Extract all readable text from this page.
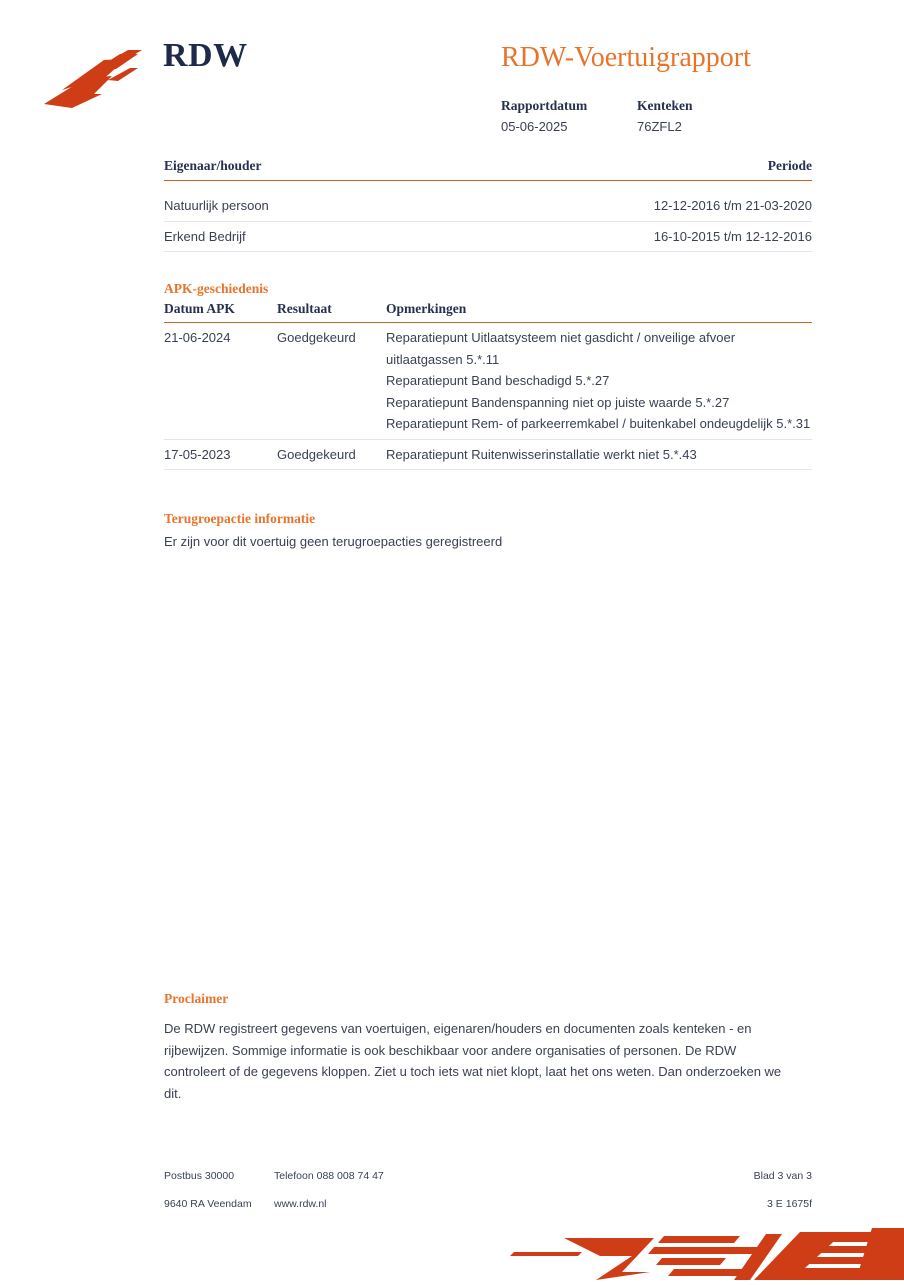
RDW	RDW-Voertuigrapport
Rapportdatum
05-06-2025
Kenteken
76ZFL2
Eigenaar/houder	Periode
Natuurlijk persoon	12-12-2016 t/m 21-03-2020
Erkend Bedrijf	16-10-2015 t/m 12-12-2016
APK-geschiedenis
Datum APK	Resultaat	Opmerkingen
21-06-2024	Goedgekeurd	Reparatiepunt Uitlaatsysteem niet gasdicht / onveilige afvoer uitlaatgassen 5.*.11

Reparatiepunt Band beschadigd 5.*.27

Reparatiepunt Bandenspanning niet op juiste waarde 5.*.27

Reparatiepunt Rem- of parkeerremkabel / buitenkabel ondeugdelijk 5.*.31

17-05-2023	Goedgekeurd	Reparatiepunt Ruitenwisserinstallatie werkt niet 5.*.43

Terugroepactie informatie

Er zijn voor dit voertuig geen terugroepacties geregistreerd

Proclaimer

De RDW registreert gegevens van voertuigen, eigenaren/houders en documenten zoals kenteken - en rijbewijzen. Sommige informatie is ook beschikbaar voor andere organisaties of personen. De RDW controleert of de gegevens kloppen. Ziet u toch iets wat niet klopt, laat het ons weten. Dan onderzoeken we dit.

Postbus 30000	Telefoon 088 008 74 47	Blad 3 van 3
9640 RA Veendam	www.rdw.nl	3 E 1675f
